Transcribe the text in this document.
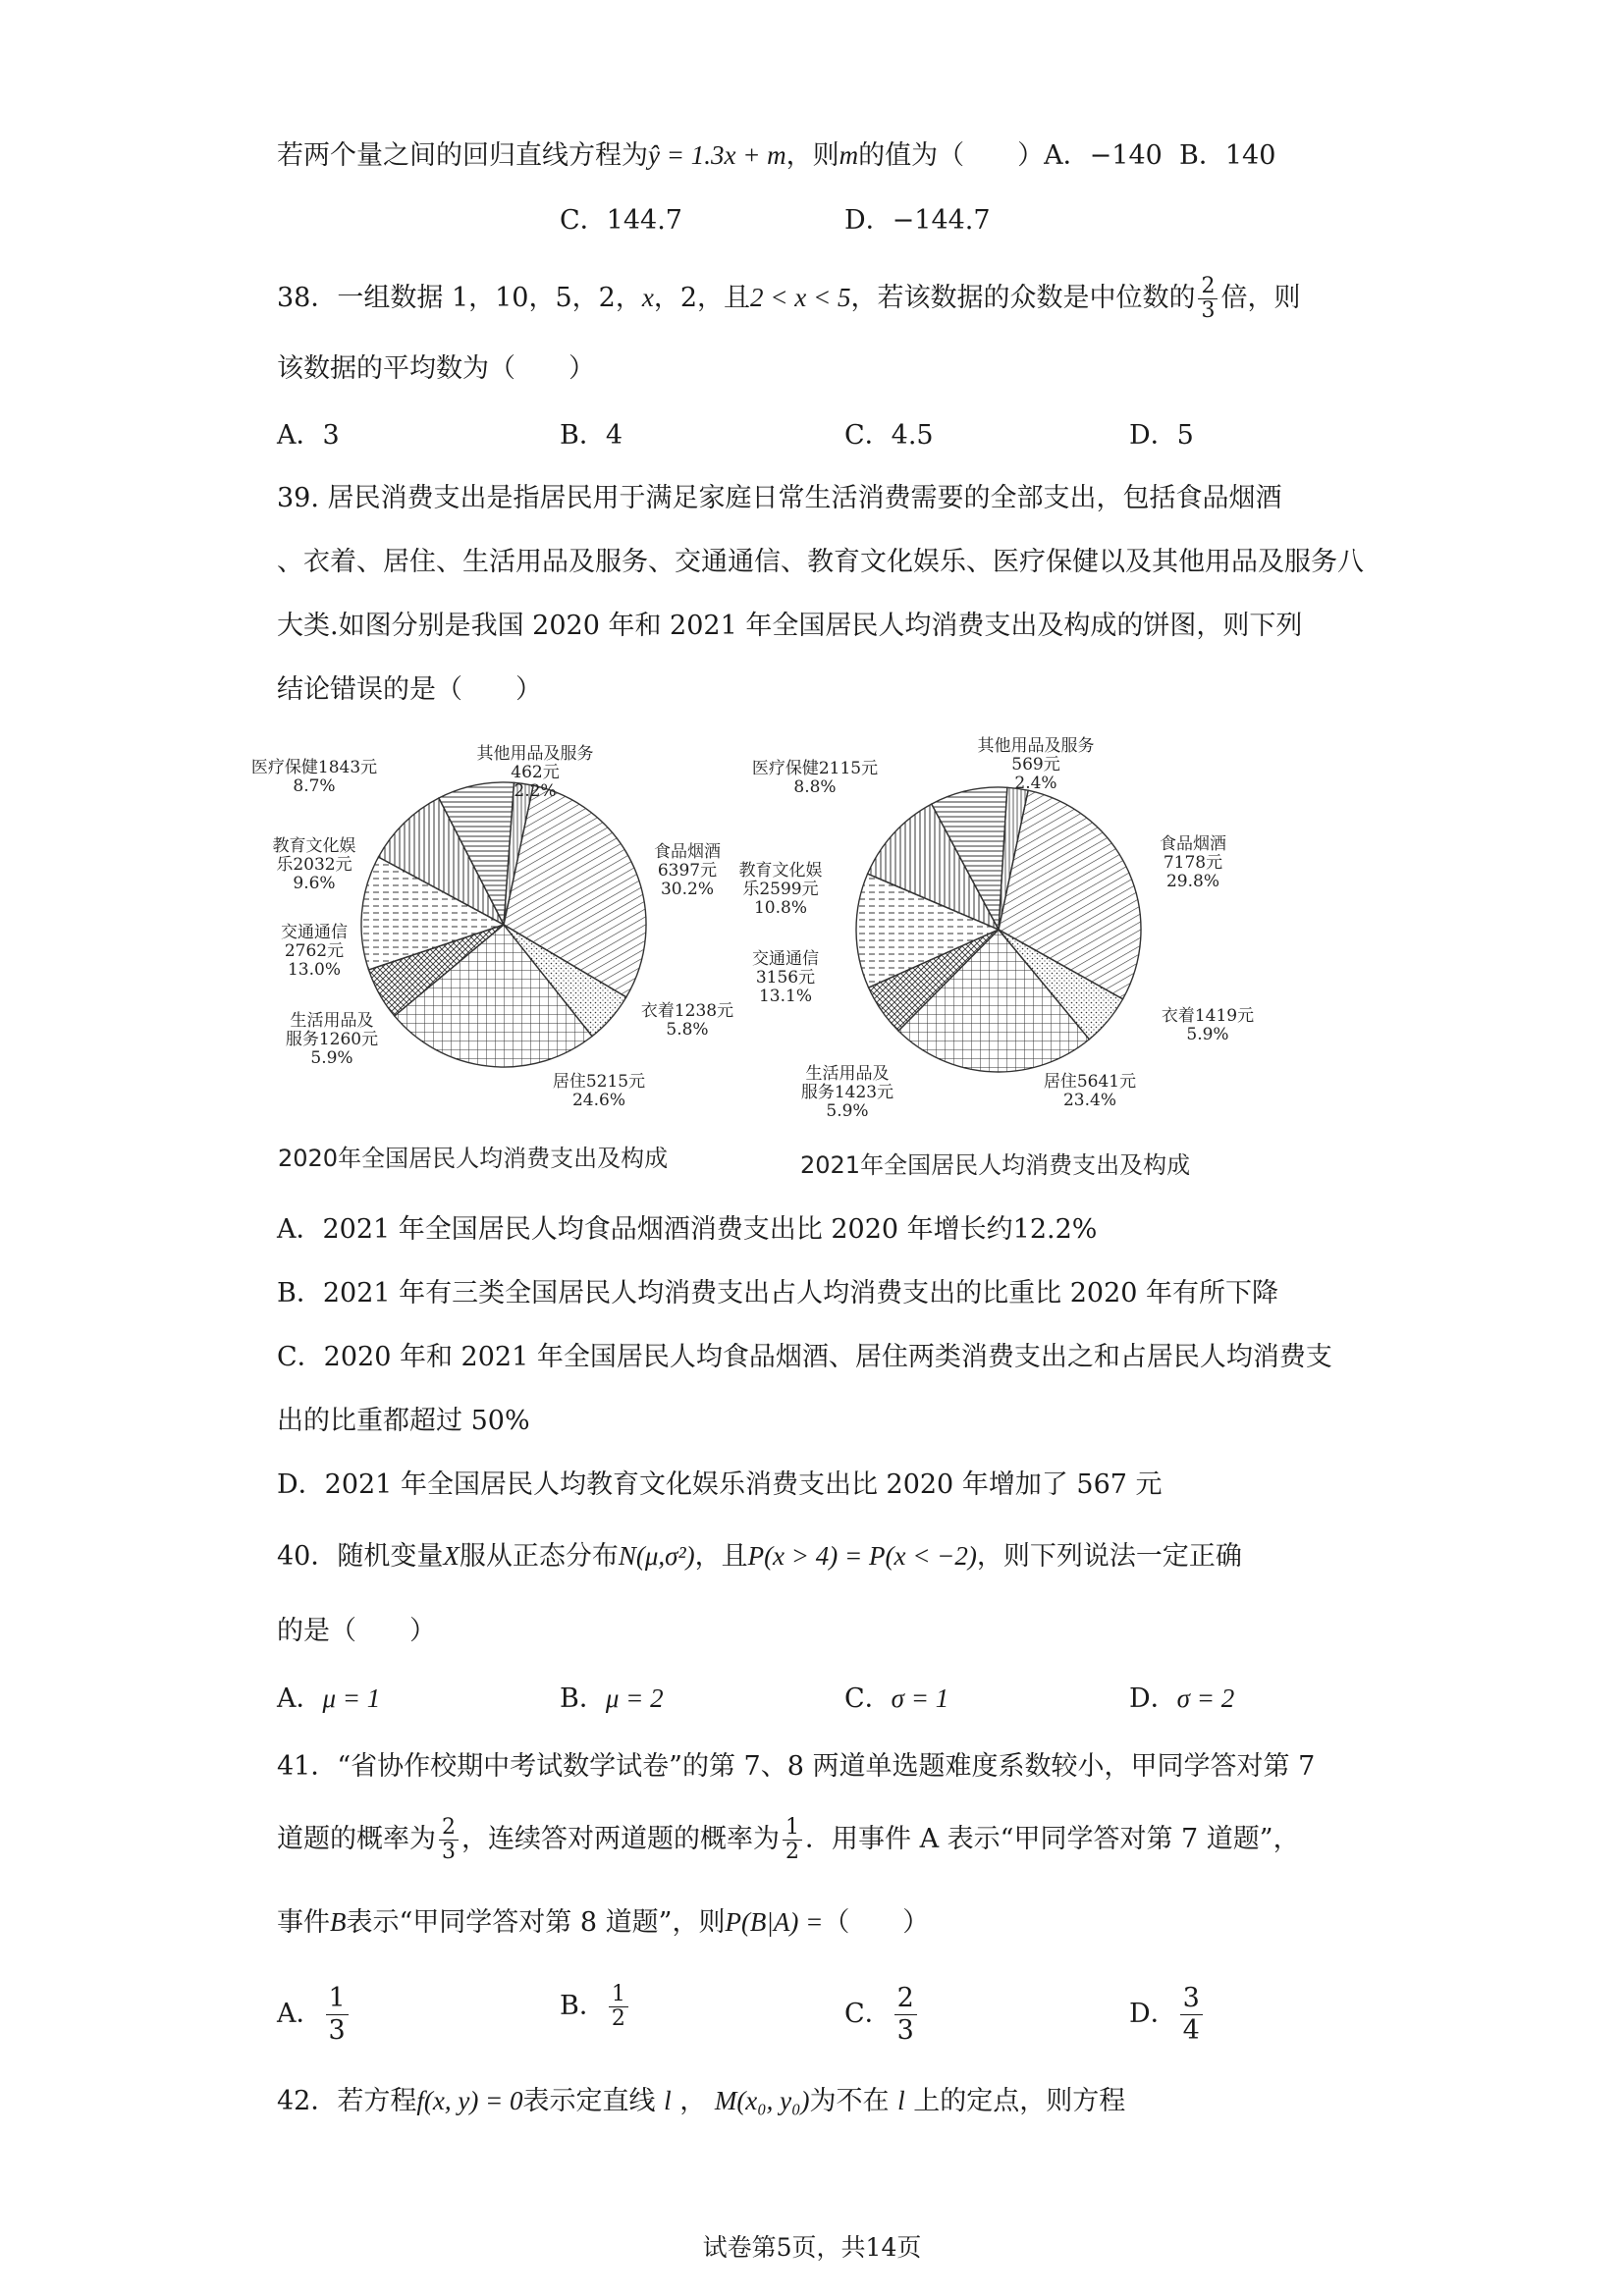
若两个量之间的回归直线方程为ŷ = 1.3x + m，则m的值为（　　）A．−140 B．140
C．144.7	D．−144.7
38．一组数据 1，10，5，2，x，2，且2 < x < 5，若该数据的众数是中位数的 $\frac{2}{3}$ 倍，则
该数据的平均数为（　　）
A．3	B．4	C．4.5	D．5
39. 居民消费支出是指居民用于满足家庭日常生活消费需要的全部支出，包括食品烟酒
、衣着、居住、生活用品及服务、交通通信、教育文化娱乐、医疗保健以及其他用品及服务八
大类.如图分别是我国 2020 年和 2021 年全国居民人均消费支出及构成的饼图，则下列
结论错误的是（　　）
食品烟酒 6397元 30.2%
衣着1238元 5.8%
居住5215元 24.6%
生活用品及服务1260元 5.9%
交通通信 2762元 13.0%
教育文化娱乐2032元 9.6%
医疗保健1843元 8.7%
其他用品及服务 462元 2.2%
食品烟酒 7178元 29.8%
衣着1419元 5.9%
居住5641元 23.4%
生活用品及服务1423元 5.9%
交通通信 3156元 13.1%
教育文化娱乐2599元 10.8%
医疗保健2115元 8.8%
其他用品及服务 569元 2.4%
2020年全国居民人均消费支出及构成	2021年全国居民人均消费支出及构成
A．2021 年全国居民人均食品烟酒消费支出比 2020 年增长约12.2%
B．2021 年有三类全国居民人均消费支出占人均消费支出的比重比 2020 年有所下降
C．2020 年和 2021 年全国居民人均食品烟酒、居住两类消费支出之和占居民人均消费支
出的比重都超过 50%
D．2021 年全国居民人均教育文化娱乐消费支出比 2020 年增加了 567 元
40．随机变量X服从正态分布N(μ,σ²)，且P(x > 4) = P(x < −2)，则下列说法一定正确
的是（　　）
A．μ = 1	B．μ = 2	C．σ = 1	D．σ = 2
41．“省协作校期中考试数学试卷”的第 7、8 两道单选题难度系数较小，甲同学答对第 7
道题的概率为 $\frac{2}{3}$ ，连续答对两道题的概率为 $\frac{1}{2}$ ．用事件 A 表示“甲同学答对第 7 道题”，
事件B表示“甲同学答对第 8 道题”，则P(B|A) =（　　）
A． $\frac{1}{3}$	B． $\frac{1}{2}$	C． $\frac{2}{3}$	D． $\frac{3}{4}$
42．若方程f(x, y) = 0表示定直线 l ， M(x₀, y₀)为不在 l 上的定点，则方程
试卷第5页，共14页
